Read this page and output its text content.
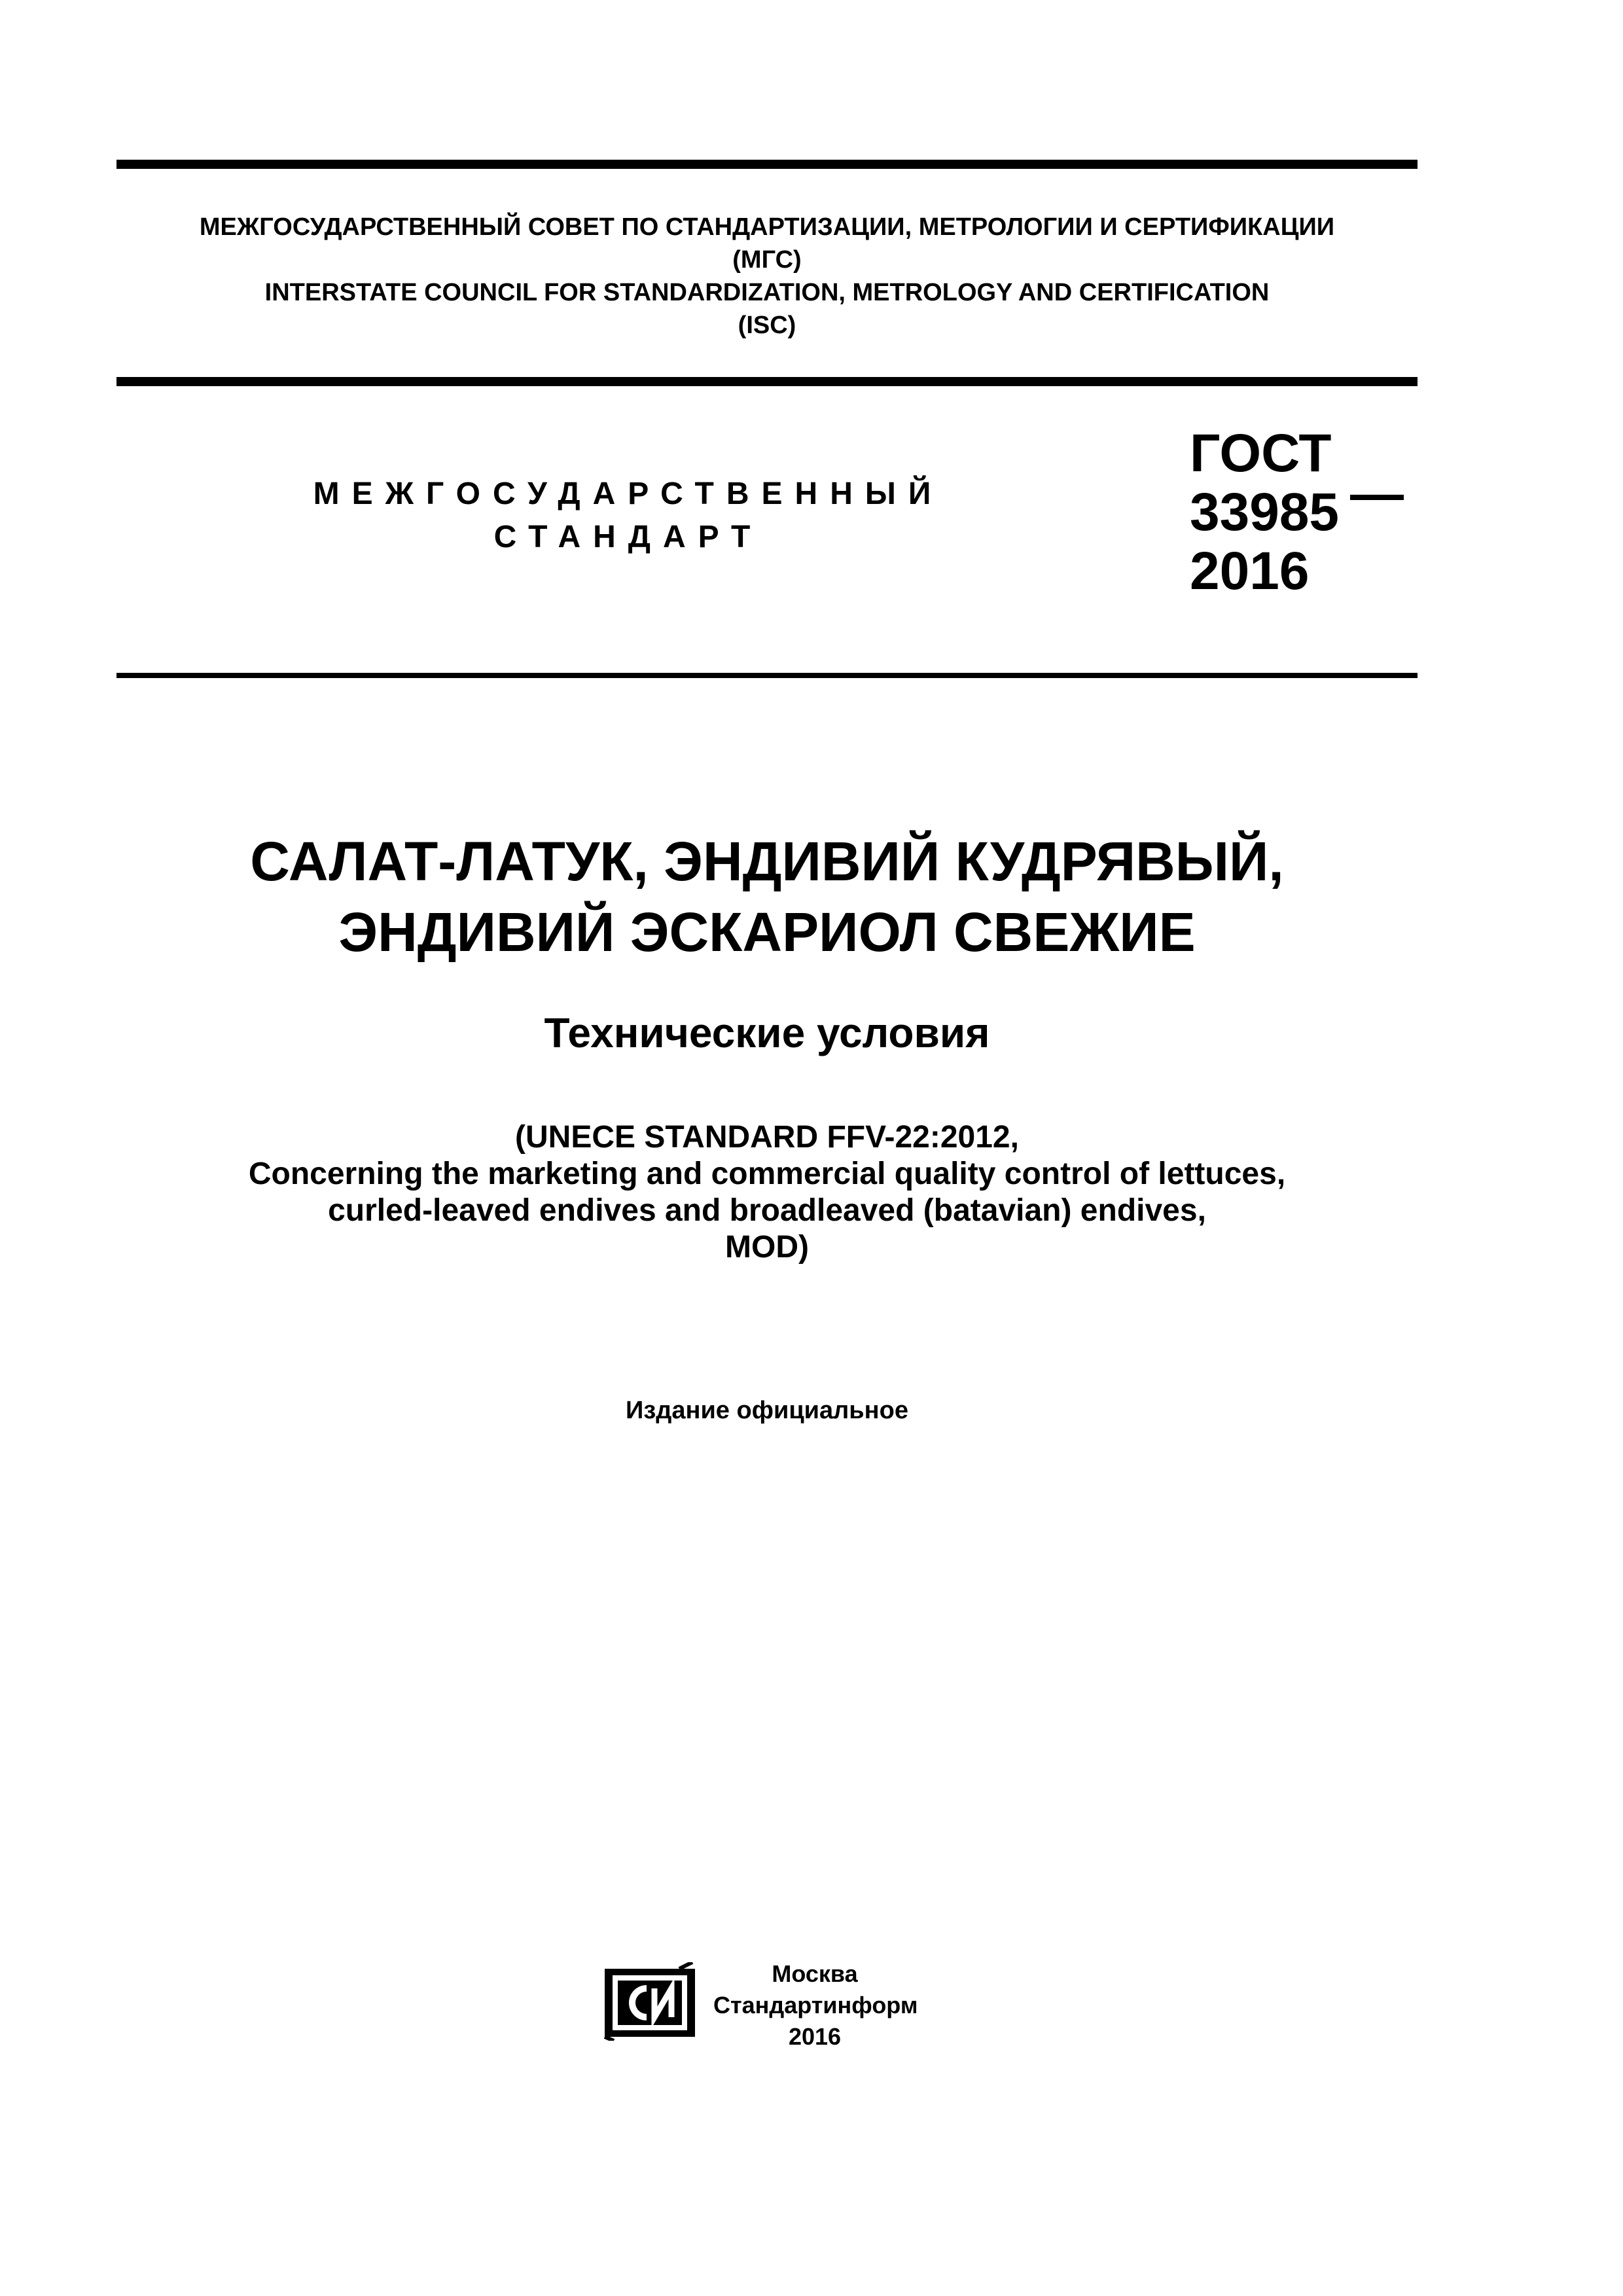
МЕЖГОСУДАРСТВЕННЫЙ СОВЕТ ПО СТАНДАРТИЗАЦИИ, МЕТРОЛОГИИ И СЕРТИФИКАЦИИ
(МГС)
INTERSTATE COUNCIL FOR STANDARDIZATION, METROLOGY AND CERTIFICATION
(ISC)
МЕЖГОСУДАРСТВЕННЫЙ
СТАНДАРТ
ГОСТ
33985 —
2016
САЛАТ-ЛАТУК, ЭНДИВИЙ КУДРЯВЫЙ,
ЭНДИВИЙ ЭСКАРИОЛ СВЕЖИЕ
Технические условия
(UNECE STANDARD FFV-22:2012,
Concerning the marketing and commercial quality control of lettuces,
curled-leaved endives and broadleaved (batavian) endives,
MOD)
Издание официальное
Москва
Стандартинформ
2016
